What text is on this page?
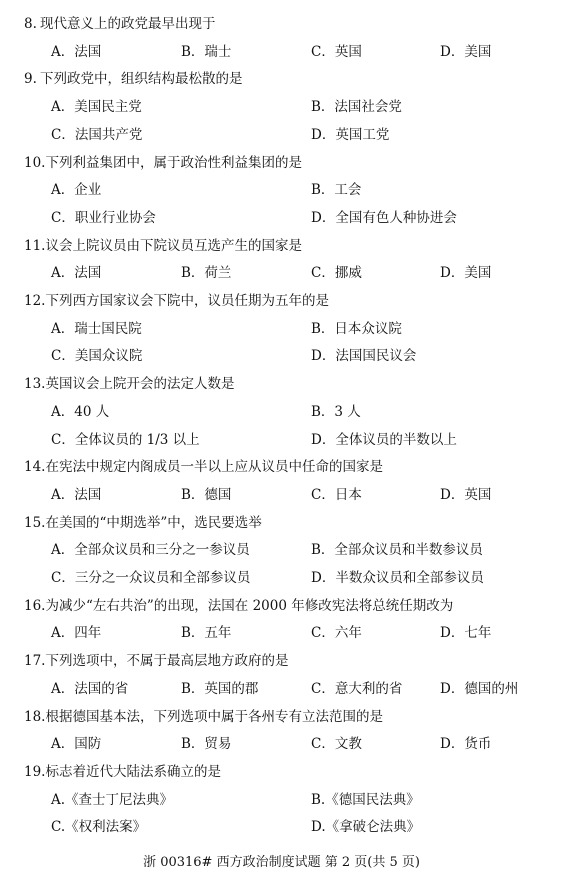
8. 现代意义上的政党最早出现于
A．法国	B．瑞士	C．英国	D．美国
9. 下列政党中，组织结构最松散的是
A．美国民主党	B．法国社会党
C．法国共产党	D．英国工党
10.下列利益集团中，属于政治性利益集团的是
A．企业	B．工会
C．职业行业协会	D．全国有色人种协进会
11.议会上院议员由下院议员互选产生的国家是
A．法国	B．荷兰	C．挪威	D．美国
12.下列西方国家议会下院中，议员任期为五年的是
A．瑞士国民院	B．日本众议院
C．美国众议院	D．法国国民议会
13.英国议会上院开会的法定人数是
A．40 人	B．3 人
C．全体议员的 1/3 以上	D．全体议员的半数以上
14.在宪法中规定内阁成员一半以上应从议员中任命的国家是
A．法国	B．德国	C．日本	D．英国
15.在美国的“中期选举”中，选民要选举
A．全部众议员和三分之一参议员	B．全部众议员和半数参议员
C．三分之一众议员和全部参议员	D．半数众议员和全部参议员
16.为减少“左右共治”的出现，法国在 2000 年修改宪法将总统任期改为
A．四年	B．五年	C．六年	D．七年
17.下列选项中，不属于最高层地方政府的是
A．法国的省	B．英国的郡	C．意大利的省	D．德国的州
18.根据德国基本法，下列选项中属于各州专有立法范围的是
A．国防	B．贸易	C．文教	D．货币
19.标志着近代大陆法系确立的是
A.《查士丁尼法典》	B.《德国民法典》
C.《权利法案》	D.《拿破仑法典》
浙 00316# 西方政治制度试题 第 2 页(共 5 页)
